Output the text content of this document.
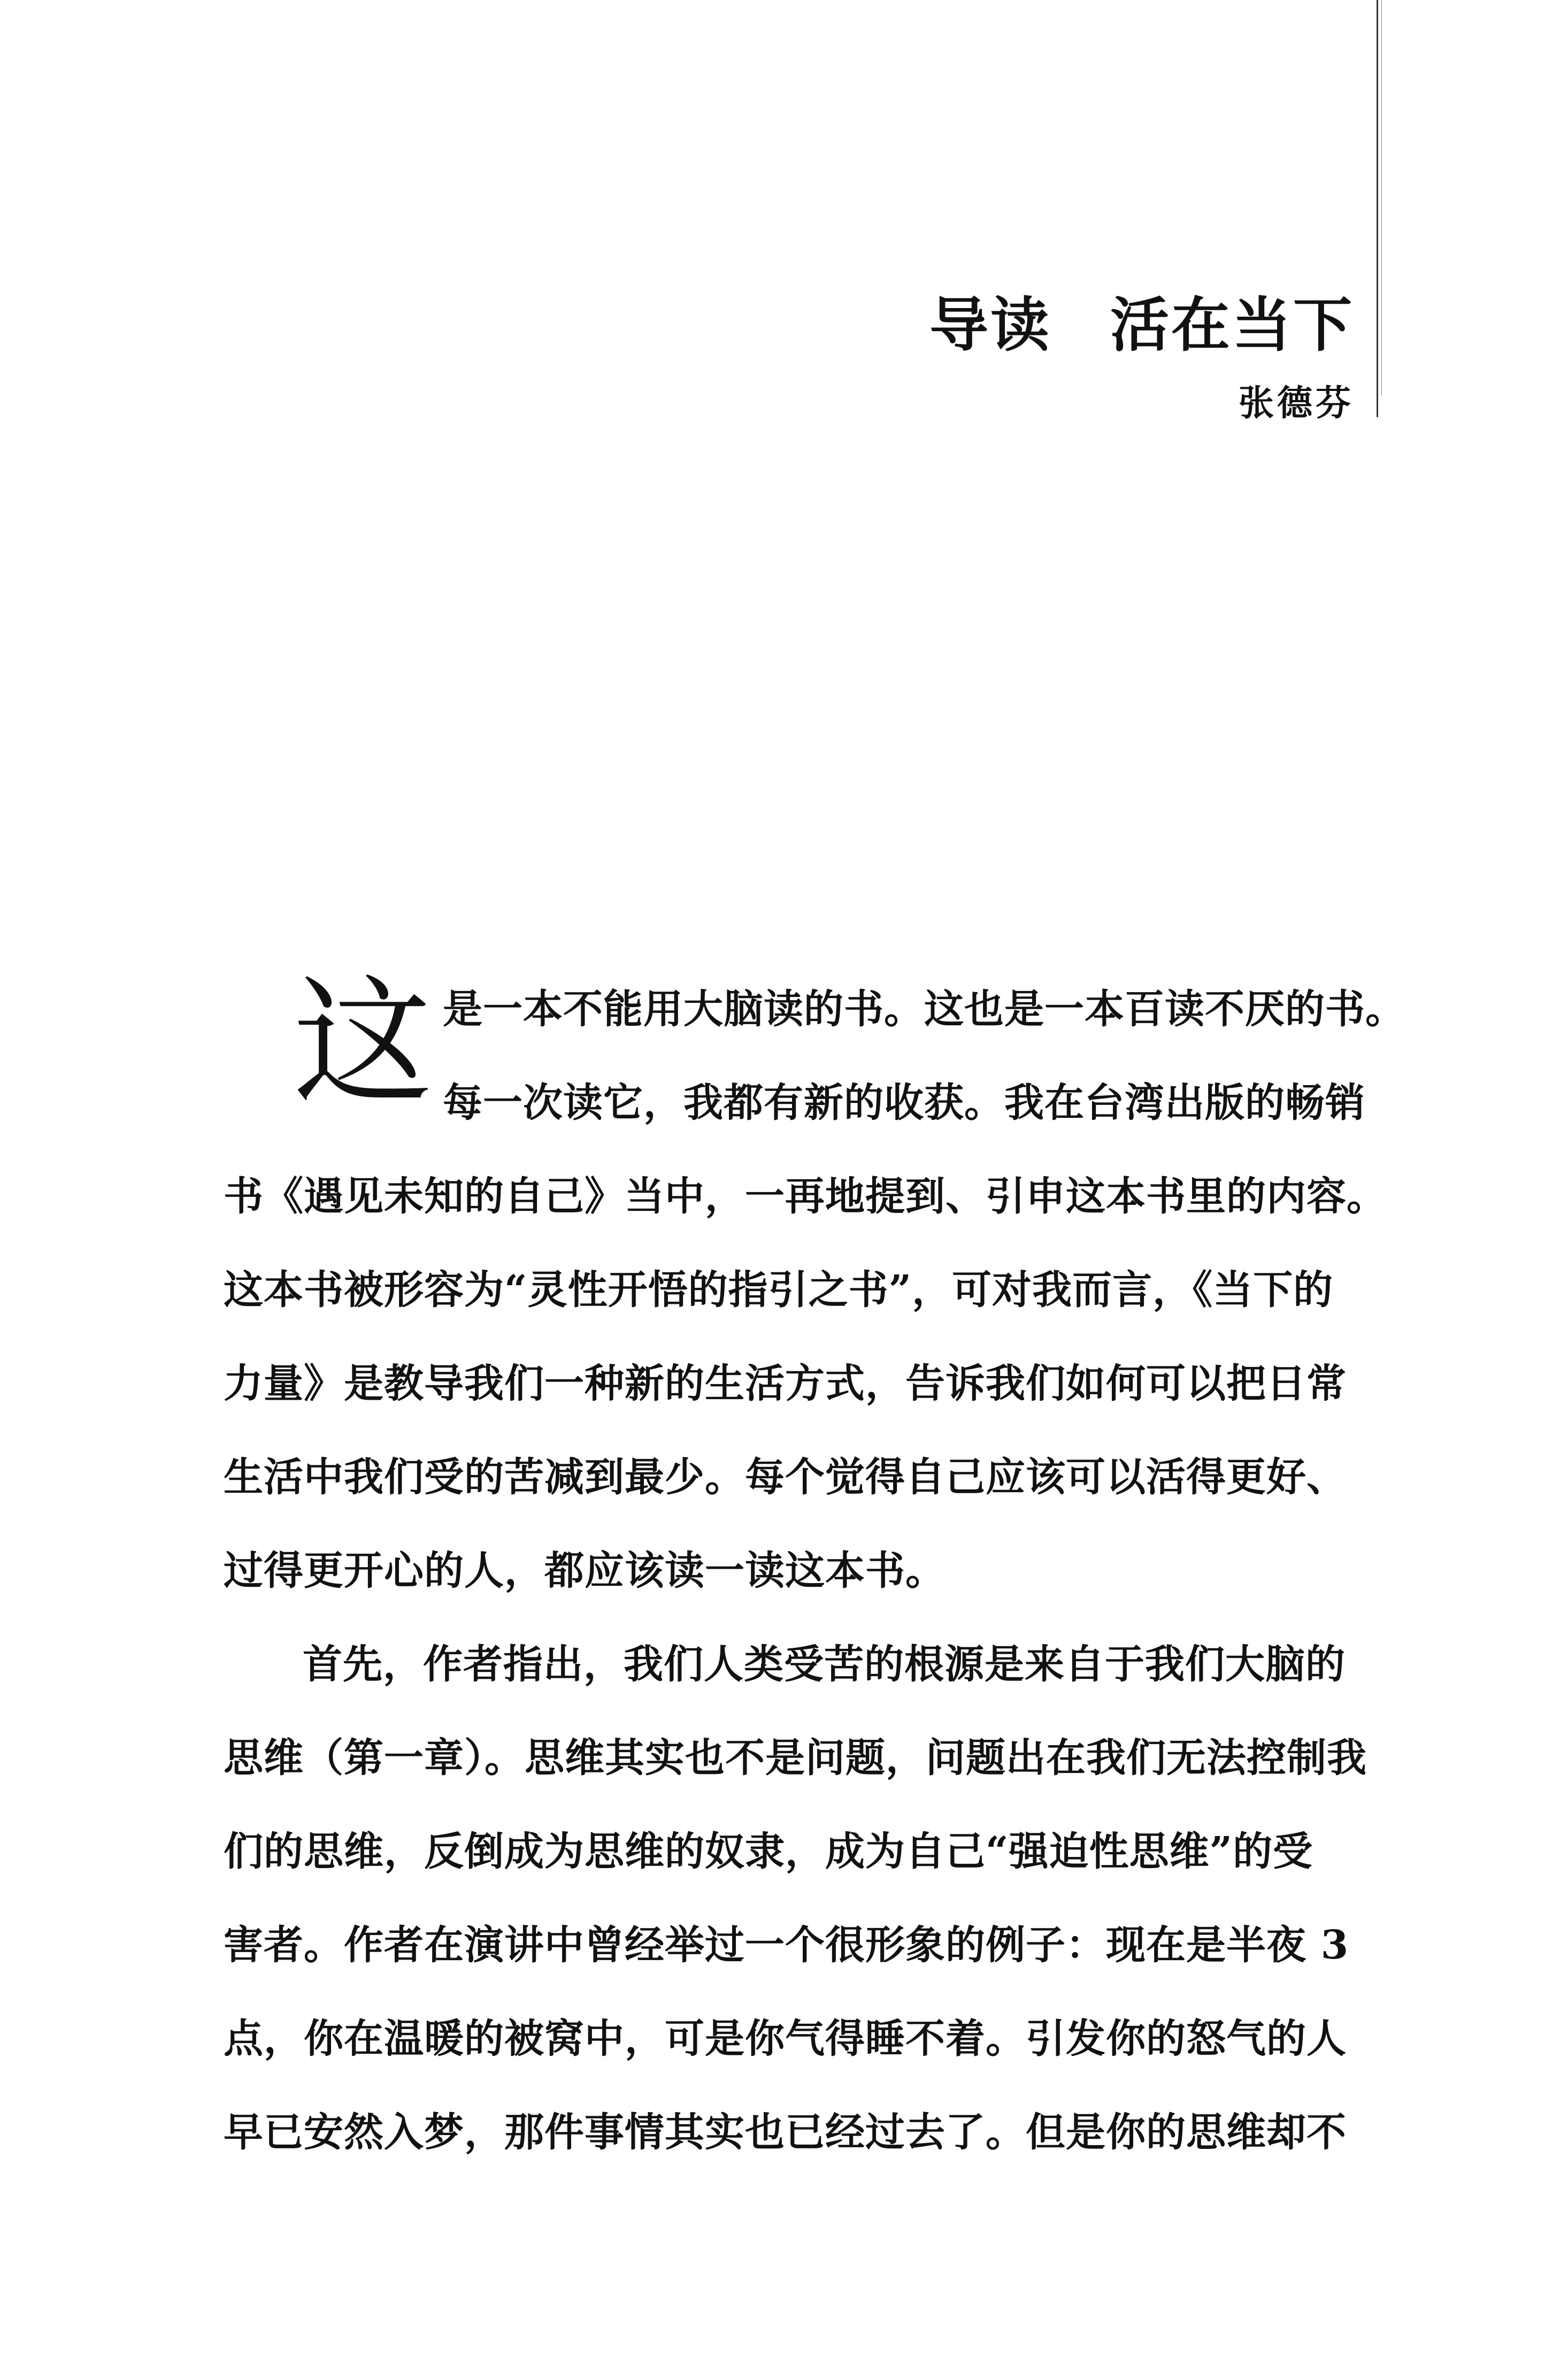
导读 活在当下
张德芬
这 是一本不能用大脑读的书。这也是一本百读不厌的书。
每一次读它，我都有新的收获。我在台湾出版的畅销
书《遇见未知的自己》当中，一再地提到、引申这本书里的内容。
这本书被形容为“灵性开悟的指引之书”，可对我而言，《当下的
力量》是教导我们一种新的生活方式，告诉我们如何可以把日常
生活中我们受的苦减到最少。每个觉得自己应该可以活得更好、
过得更开心的人，都应该读一读这本书。
首先，作者指出，我们人类受苦的根源是来自于我们大脑的
思维（第一章）。思维其实也不是问题，问题出在我们无法控制我
们的思维，反倒成为思维的奴隶，成为自己“强迫性思维”的受
害者。作者在演讲中曾经举过一个很形象的例子：现在是半夜 3
点，你在温暖的被窝中，可是你气得睡不着。引发你的怒气的人
早已安然入梦，那件事情其实也已经过去了。但是你的思维却不
